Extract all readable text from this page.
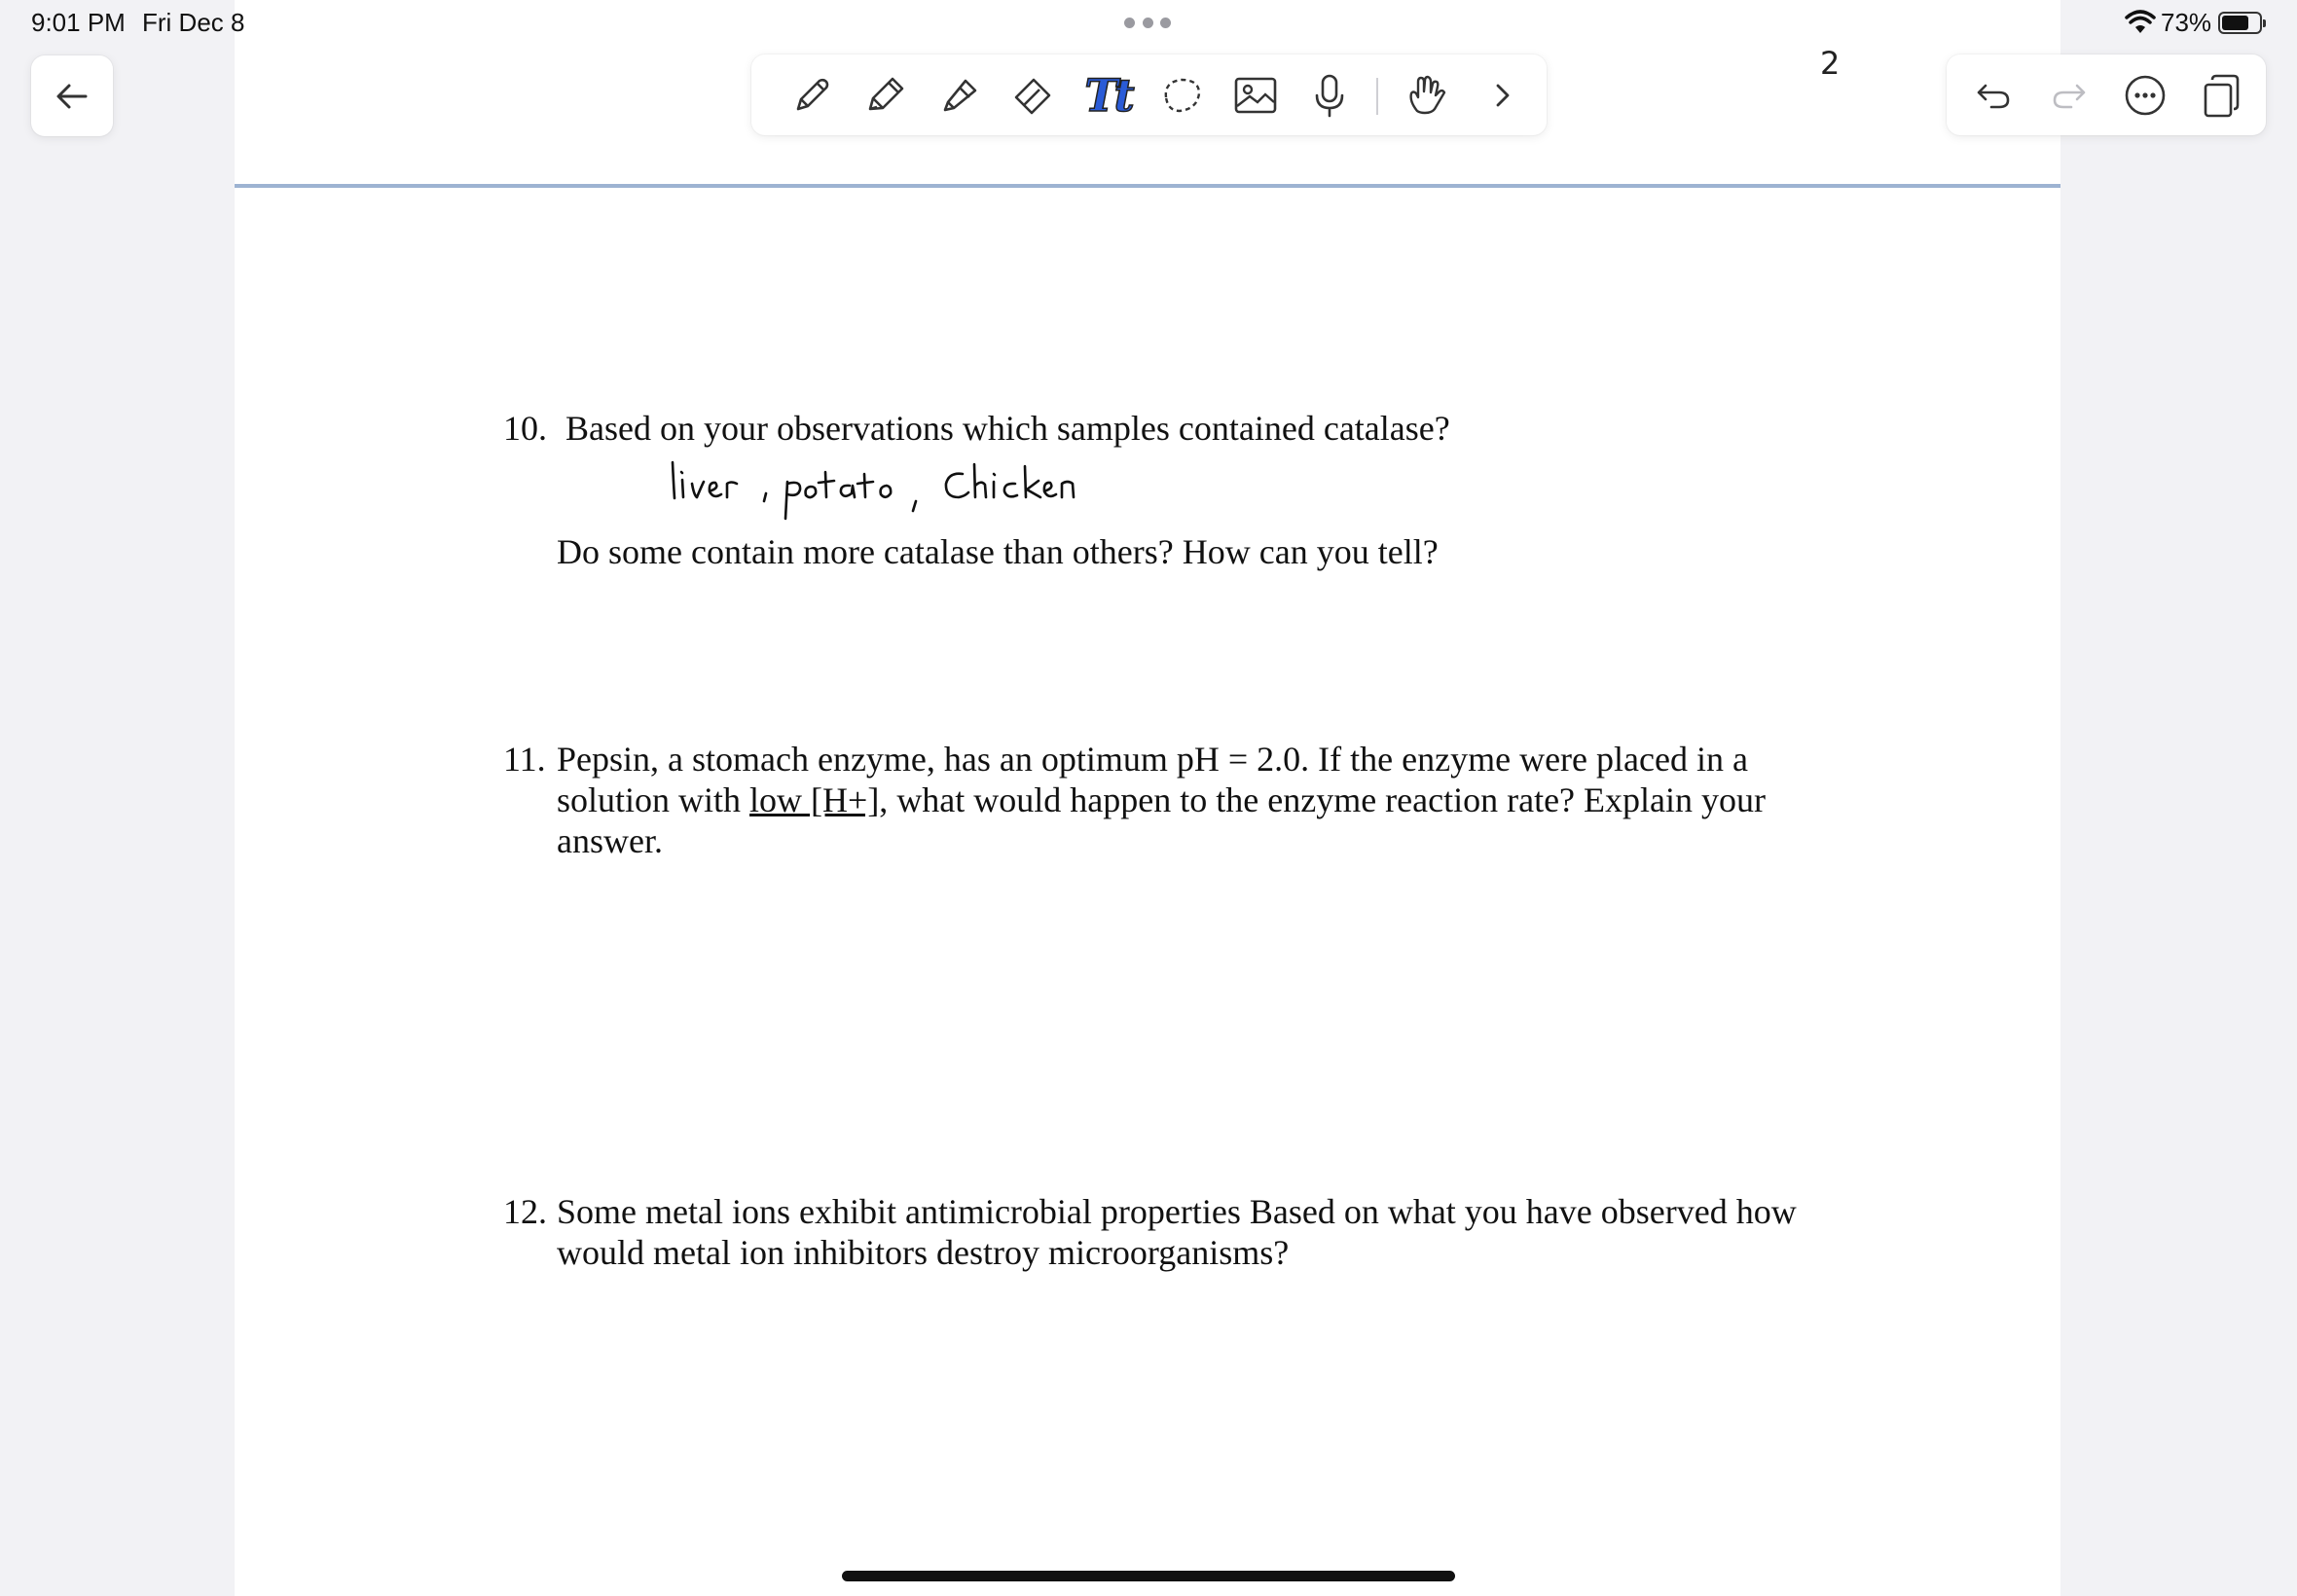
9:01 PM Fri Dec 8	73%
Tt
2
10. Based on your observations which samples contained catalase?
Do some contain more catalase than others? How can you tell?
11. Pepsin, a stomach enzyme, has an optimum pH = 2.0. If the enzyme were placed in a
solution with low [H+], what would happen to the enzyme reaction rate? Explain your
answer.
12. Some metal ions exhibit antimicrobial properties Based on what you have observed how
would metal ion inhibitors destroy microorganisms?
